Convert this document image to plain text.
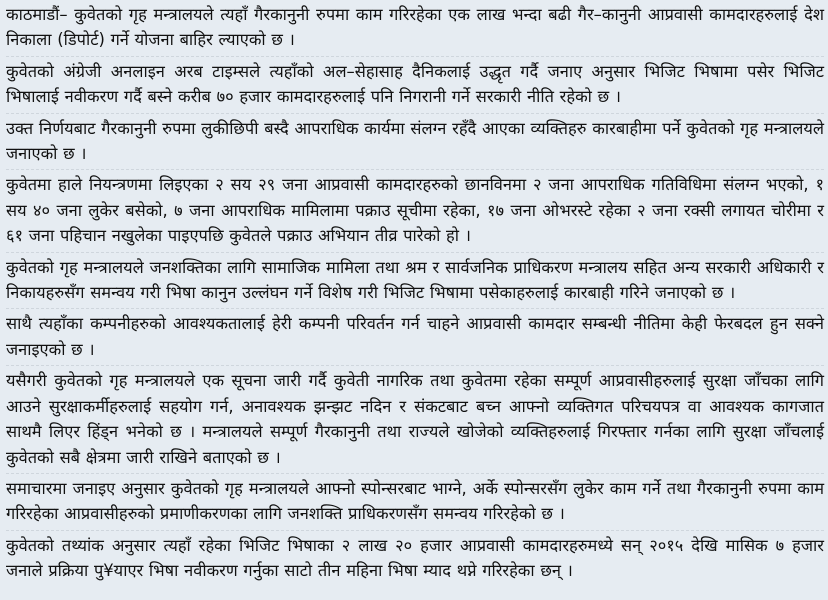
काठमाडौं– कुवेतको गृह मन्त्रालयले त्यहाँ गैरकानुनी रुपमा काम गरिरहेका एक लाख भन्दा बढी गैर–कानुनी आप्रवासी कामदारहरुलाई देश निकाला (डिपोर्ट) गर्ने योजना बाहिर ल्याएको छ ।

कुवेतको अंग्रेजी अनलाइन अरब टाइम्सले त्यहाँको अल–सेहासाह दैनिकलाई उद्धृत गर्दै जनाए अनुसार भिजिट भिषामा पसेर भिजिट भिषालाई नवीकरण गर्दै बस्ने करीब ७० हजार कामदारहरुलाई पनि निगरानी गर्ने सरकारी नीति रहेको छ ।

उक्त निर्णयबाट गैरकानुनी रुपमा लुकीछिपी बस्दै आपराधिक कार्यमा संलग्न रहँदै आएका व्यक्तिहरु कारबाहीमा पर्ने कुवेतको गृह मन्त्रालयले जनाएको छ ।

कुवेतमा हाले नियन्त्रणमा लिइएका २ सय २९ जना आप्रवासी कामदारहरुको छानविनमा २ जना आपराधिक गतिविधिमा संलग्न भएको, १ सय ४० जना लुकेर बसेको, ७ जना आपराधिक मामिलामा पक्राउ सूचीमा रहेका, १७ जना ओभरस्टे रहेका २ जना रक्सी लगायत चोरीमा र ६१ जना पहिचान नखुलेका पाइएपछि कुवेतले पक्राउ अभियान तीव्र पारेको हो ।

कुवेतको गृह मन्त्रालयले जनशक्तिका लागि सामाजिक मामिला तथा श्रम र सार्वजनिक प्राधिकरण मन्त्रालय सहित अन्य सरकारी अधिकारी र निकायहरुसँग समन्वय गरी भिषा कानुन उल्लंघन गर्ने विशेष गरी भिजिट भिषामा पसेकाहरुलाई कारबाही गरिने जनाएको छ ।

साथै त्यहाँका कम्पनीहरुको आवश्यकतालाई हेरी कम्पनी परिवर्तन गर्न चाहने आप्रवासी कामदार सम्बन्धी नीतिमा केही फेरबदल हुन सक्ने जनाइएको छ ।

यसैगरी कुवेतको गृह मन्त्रालयले एक सूचना जारी गर्दै कुवेती नागरिक तथा कुवेतमा रहेका सम्पूर्ण आप्रवासीहरुलाई सुरक्षा जाँचका लागि आउने सुरक्षाकर्मीहरुलाई सहयोग गर्न, अनावश्यक झन्झट नदिन र संकटबाट बच्न आफ्नो व्यक्तिगत परिचयपत्र वा आवश्यक कागजात साथमै लिएर हिंड्न भनेको छ । मन्त्रालयले सम्पूर्ण गैरकानुनी तथा राज्यले खोजेको व्यक्तिहरुलाई गिरफ्तार गर्नका लागि सुरक्षा जाँचलाई कुवेतको सबै क्षेत्रमा जारी राखिने बताएको छ ।

समाचारमा जनाइए अनुसार कुवेतको गृह मन्त्रालयले आफ्नो स्पोन्सरबाट भाग्ने, अर्के स्पोन्सरसँग लुकेर काम गर्ने तथा गैरकानुनी रुपमा काम गरिरहेका आप्रवासीहरुको प्रमाणीकरणका लागि जनशक्ति प्राधिकरणसँग समन्वय गरिरहेको छ ।

कुवेतको तथ्यांक अनुसार त्यहाँ रहेका भिजिट भिषाका २ लाख २० हजार आप्रवासी कामदारहरुमध्ये सन् २०१५ देखि मासिक ७ हजार जनाले प्रक्रिया पु¥याएर भिषा नवीकरण गर्नुका साटो तीन महिना भिषा म्याद थप्ने गरिरहेका छन् ।
